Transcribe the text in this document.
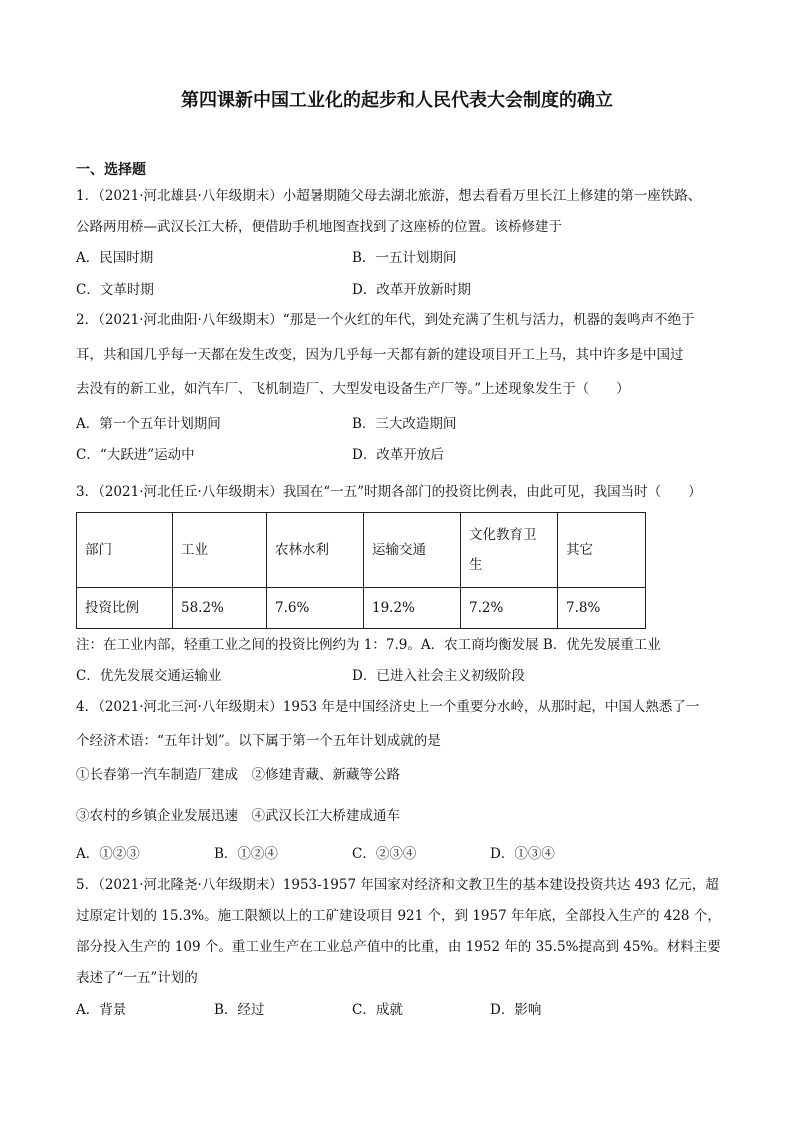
第四课新中国工业化的起步和人民代表大会制度的确立
一、选择题
1．（2021·河北雄县·八年级期末）小超暑期随父母去湖北旅游，想去看看万里长江上修建的第一座铁路、
公路两用桥—武汉长江大桥，便借助手机地图查找到了这座桥的位置。该桥修建于
A．民国时期	B．一五计划期间
C．文革时期	D．改革开放新时期
2．（2021·河北曲阳·八年级期末）“那是一个火红的年代，到处充满了生机与活力，机器的轰鸣声不绝于
耳，共和国几乎每一天都在发生改变，因为几乎每一天都有新的建设项目开工上马，其中许多是中国过
去没有的新工业，如汽车厂、飞机制造厂、大型发电设备生产厂等。”上述现象发生于（　　）
A．第一个五年计划期间	B．三大改造期间
C．“大跃进”运动中	D．改革开放后
3．（2021·河北任丘·八年级期末）我国在“一五”时期各部门的投资比例表，由此可见，我国当时（　　）
部门	工业	农林水利	运输交通	文化教育卫生	其它
投资比例	58.2%	7.6%	19.2%	7.2%	7.8%
注：在工业内部，轻重工业之间的投资比例约为 1：7.9。A．农工商均衡发展 B．优先发展重工业
C．优先发展交通运输业	D．已进入社会主义初级阶段
4．（2021·河北三河·八年级期末）1953 年是中国经济史上一个重要分水岭，从那时起，中国人熟悉了一
个经济术语：“五年计划”。以下属于第一个五年计划成就的是
①长春第一汽车制造厂建成　②修建青藏、新藏等公路
③农村的乡镇企业发展迅速　④武汉长江大桥建成通车
A．①②③	B．①②④	C．②③④	D．①③④
5．（2021·河北隆尧·八年级期末）1953-1957 年国家对经济和文教卫生的基本建设投资共达 493 亿元，超
过原定计划的 15.3%。施工限额以上的工矿建设项目 921 个，到 1957 年年底，全部投入生产的 428 个，
部分投入生产的 109 个。重工业生产在工业总产值中的比重，由 1952 年的 35.5%提高到 45%。材料主要
表述了“一五”计划的
A．背景	B．经过	C．成就	D．影响
